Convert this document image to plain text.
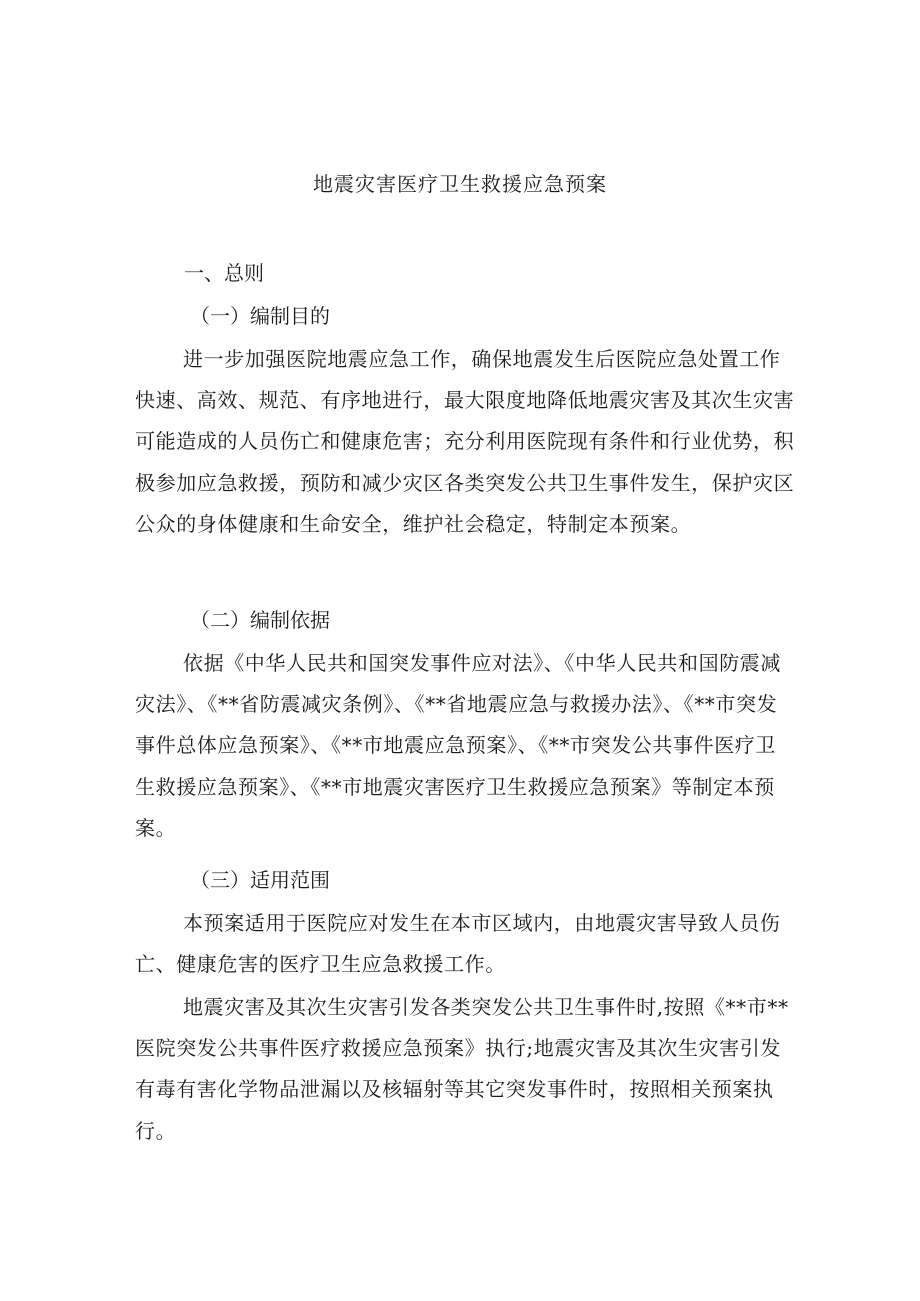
地震灾害医疗卫生救援应急预案
一、总则
（一）编制目的

进一步加强医院地震应急工作，确保地震发生后医院应急处置工作快速、高效、规范、有序地进行，最大限度地降低地震灾害及其次生灾害可能造成的人员伤亡和健康危害；充分利用医院现有条件和行业优势，积极参加应急救援，预防和减少灾区各类突发公共卫生事件发生，保护灾区公众的身体健康和生命安全，维护社会稳定，特制定本预案。

（二）编制依据

依据《中华人民共和国突发事件应对法》、《中华人民共和国防震减灾法》、《**省防震减灾条例》、《**省地震应急与救援办法》、《**市突发事件总体应急预案》、《**市地震应急预案》、《**市突发公共事件医疗卫生救援应急预案》、《**市地震灾害医疗卫生救援应急预案》等制定本预案。

（三）适用范围

本预案适用于医院应对发生在本市区域内，由地震灾害导致人员伤亡、健康危害的医疗卫生应急救援工作。

地震灾害及其次生灾害引发各类突发公共卫生事件时,按照《**市**医院突发公共事件医疗救援应急预案》执行;地震灾害及其次生灾害引发有毒有害化学物品泄漏以及核辐射等其它突发事件时，按照相关预案执行。
